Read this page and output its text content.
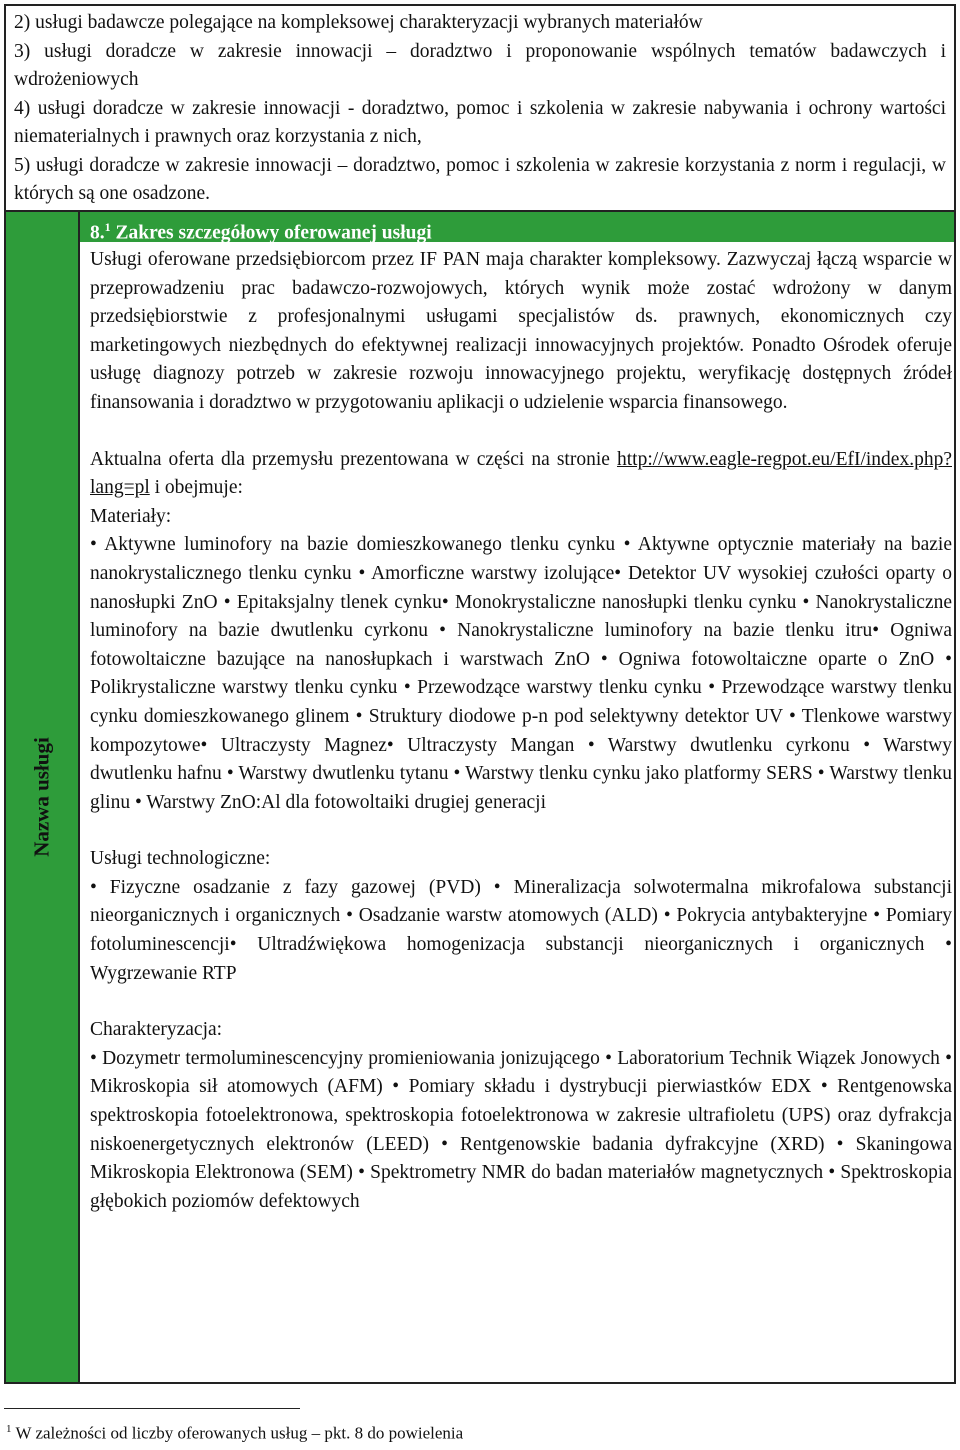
2) usługi badawcze polegające na kompleksowej charakteryzacji wybranych materiałów

3) usługi doradcze w zakresie innowacji – doradztwo i proponowanie wspólnych tematów badawczych i wdrożeniowych

4) usługi doradcze w zakresie innowacji - doradztwo, pomoc i szkolenia w zakresie nabywania i ochrony wartości niematerialnych i prawnych oraz korzystania z nich,

5) usługi doradcze w zakresie innowacji – doradztwo, pomoc i szkolenia w zakresie korzystania z norm i regulacji, w których są one osadzone.

Nazwa usługi
8.$^1$ Zakres szczegółowy oferowanej usługi

Usługi oferowane przedsiębiorcom przez IF PAN maja charakter kompleksowy. Zazwyczaj łączą wsparcie w przeprowadzeniu prac badawczo-rozwojowych, których wynik może zostać wdrożony w danym przedsiębiorstwie z profesjonalnymi usługami specjalistów ds. prawnych, ekonomicznych czy marketingowych niezbędnych do efektywnej realizacji innowacyjnych projektów. Ponadto Ośrodek oferuje usługę diagnozy potrzeb w zakresie rozwoju innowacyjnego projektu, weryfikację dostępnych źródeł finansowania i doradztwo w przygotowaniu aplikacji o udzielenie wsparcia finansowego.

Aktualna oferta dla przemysłu prezentowana w części na stronie http://www.eagle-regpot.eu/EfI/index.php?lang=pl i obejmuje:

Materiały:

• Aktywne luminofory na bazie domieszkowanego tlenku cynku • Aktywne optycznie materiały na bazie nanokrystalicznego tlenku cynku • Amorficzne warstwy izolujące• Detektor UV wysokiej czułości oparty o nanosłupki ZnO • Epitaksjalny tlenek cynku• Monokrystaliczne nanosłupki tlenku cynku • Nanokrystaliczne luminofory na bazie dwutlenku cyrkonu • Nanokrystaliczne luminofory na bazie tlenku itru• Ogniwa fotowoltaiczne bazujące na nanosłupkach i warstwach ZnO • Ogniwa fotowoltaiczne oparte o ZnO • Polikrystaliczne warstwy tlenku cynku • Przewodzące warstwy tlenku cynku • Przewodzące warstwy tlenku cynku domieszkowanego glinem • Struktury diodowe p-n pod selektywny detektor UV • Tlenkowe warstwy kompozytowe• Ultraczysty Magnez• Ultraczysty Mangan • Warstwy dwutlenku cyrkonu • Warstwy dwutlenku hafnu • Warstwy dwutlenku tytanu • Warstwy tlenku cynku jako platformy SERS • Warstwy tlenku glinu • Warstwy ZnO:Al dla fotowoltaiki drugiej generacji

Usługi technologiczne:

• Fizyczne osadzanie z fazy gazowej (PVD) • Mineralizacja solwotermalna mikrofalowa substancji nieorganicznych i organicznych • Osadzanie warstw atomowych (ALD) • Pokrycia antybakteryjne • Pomiary fotoluminescencji• Ultradźwiękowa homogenizacja substancji nieorganicznych i organicznych • Wygrzewanie RTP

Charakteryzacja:

• Dozymetr termoluminescencyjny promieniowania jonizującego • Laboratorium Technik Wiązek Jonowych • Mikroskopia sił atomowych (AFM) • Pomiary składu i dystrybucji pierwiastków EDX • Rentgenowska spektroskopia fotoelektronowa, spektroskopia fotoelektronowa w zakresie ultrafioletu (UPS) oraz dyfrakcja niskoenergetycznych elektronów (LEED) • Rentgenowskie badania dyfrakcyjne (XRD) • Skaningowa Mikroskopia Elektronowa (SEM) • Spektrometry NMR do badan materiałów magnetycznych • Spektroskopia głębokich poziomów defektowych

$^1$ W zależności od liczby oferowanych usług – pkt. 8 do powielenia
